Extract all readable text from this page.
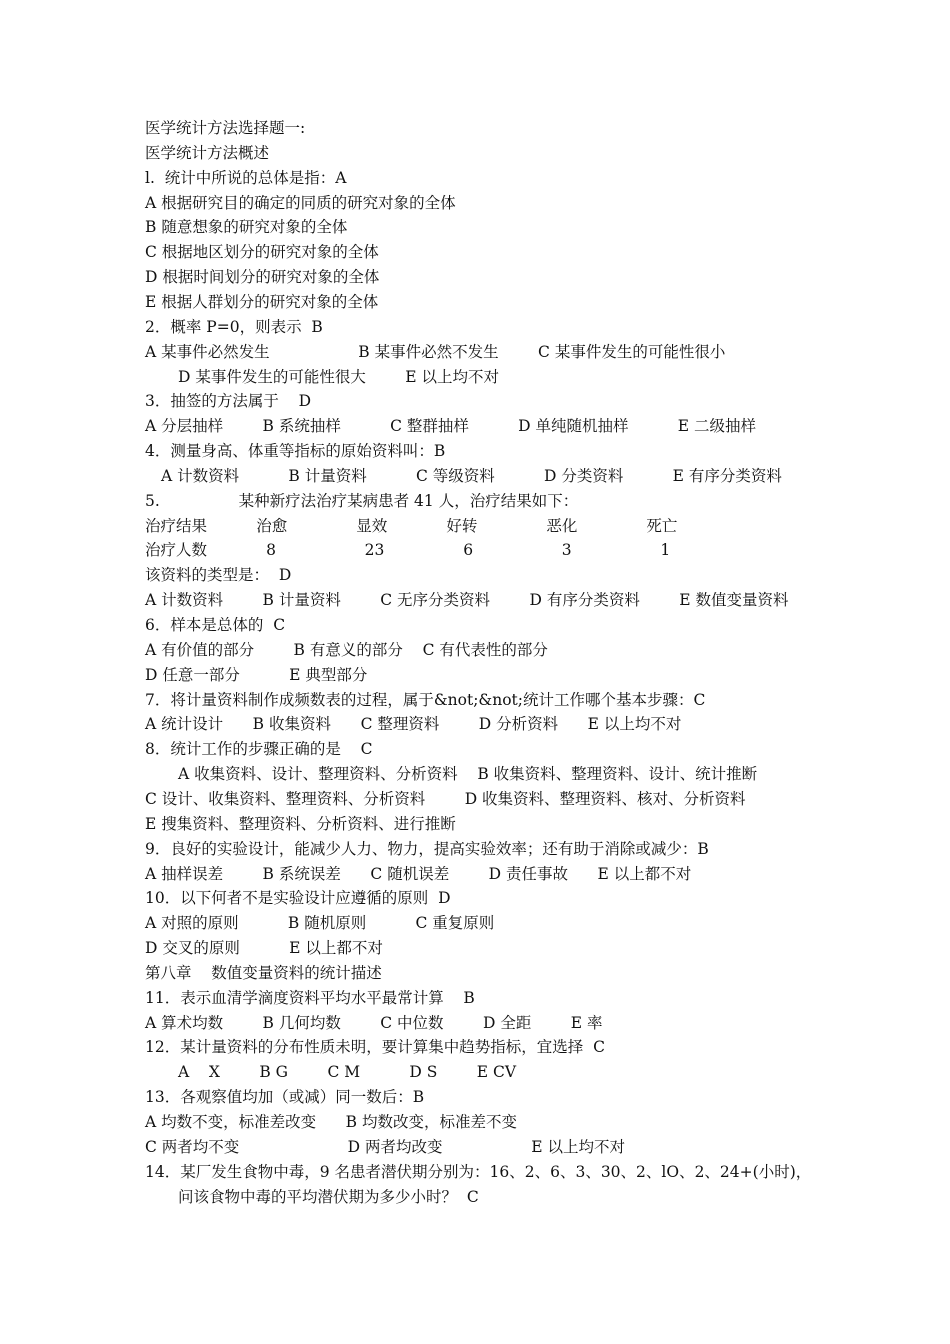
医学统计方法选择题一:
医学统计方法概述
l.  统计中所说的总体是指：A
A 根据研究目的确定的同质的研究对象的全体
B 随意想象的研究对象的全体
C 根据地区划分的研究对象的全体
D 根据时间划分的研究对象的全体
E 根据人群划分的研究对象的全体
2．概率 P=0，则表示  B
A 某事件必然发生                  B 某事件必然不发生        C 某事件发生的可能性很小
D 某事件发生的可能性很大        E 以上均不对
3．抽签的方法属于    D
A 分层抽样        B 系统抽样          C 整群抽样          D 单纯随机抽样          E 二级抽样
4．测量身高、体重等指标的原始资料叫：B
A 计数资料          B 计量资料          C 等级资料          D 分类资料          E 有序分类资料
5.                某种新疗法治疗某病患者 41 人，治疗结果如下：
治疗结果          治愈              显效            好转              恶化              死亡
治疗人数            8                  23                6                  3                  1
该资料的类型是：  D
A 计数资料        B 计量资料        C 无序分类资料        D 有序分类资料        E 数值变量资料
6．样本是总体的  C
A 有价值的部分        B 有意义的部分    C 有代表性的部分
D 任意一部分          E 典型部分
7．将计量资料制作成频数表的过程，属于&not;&not;统计工作哪个基本步骤：C
A 统计设计      B 收集资料      C 整理资料        D 分析资料      E 以上均不对
8．统计工作的步骤正确的是    C
A 收集资料、设计、整理资料、分析资料    B 收集资料、整理资料、设计、统计推断
C 设计、收集资料、整理资料、分析资料        D 收集资料、整理资料、核对、分析资料
E 搜集资料、整理资料、分析资料、进行推断
9．良好的实验设计，能减少人力、物力，提高实验效率；还有助于消除或减少：B
A 抽样误差        B 系统误差      C 随机误差        D 责任事故      E 以上都不对
10．以下何者不是实验设计应遵循的原则  D
A 对照的原则          B 随机原则          C 重复原则
D 交叉的原则          E 以上都不对
第八章    数值变量资料的统计描述
11．表示血清学滴度资料平均水平最常计算    B
A 算术均数        B 几何均数        C 中位数        D 全距        E 率
12．某计量资料的分布性质未明，要计算集中趋势指标，宜选择  C
A    X        B G        C M          D S        E CV
13．各观察值均加（或减）同一数后：B
A 均数不变，标准差改变      B 均数改变，标准差不变
C 两者均不变                      D 两者均改变                  E 以上均不对
14．某厂发生食物中毒，9 名患者潜伏期分别为：16、2、6、3、30、2、lO、2、24+(小时)，
问该食物中毒的平均潜伏期为多少小时？  C
